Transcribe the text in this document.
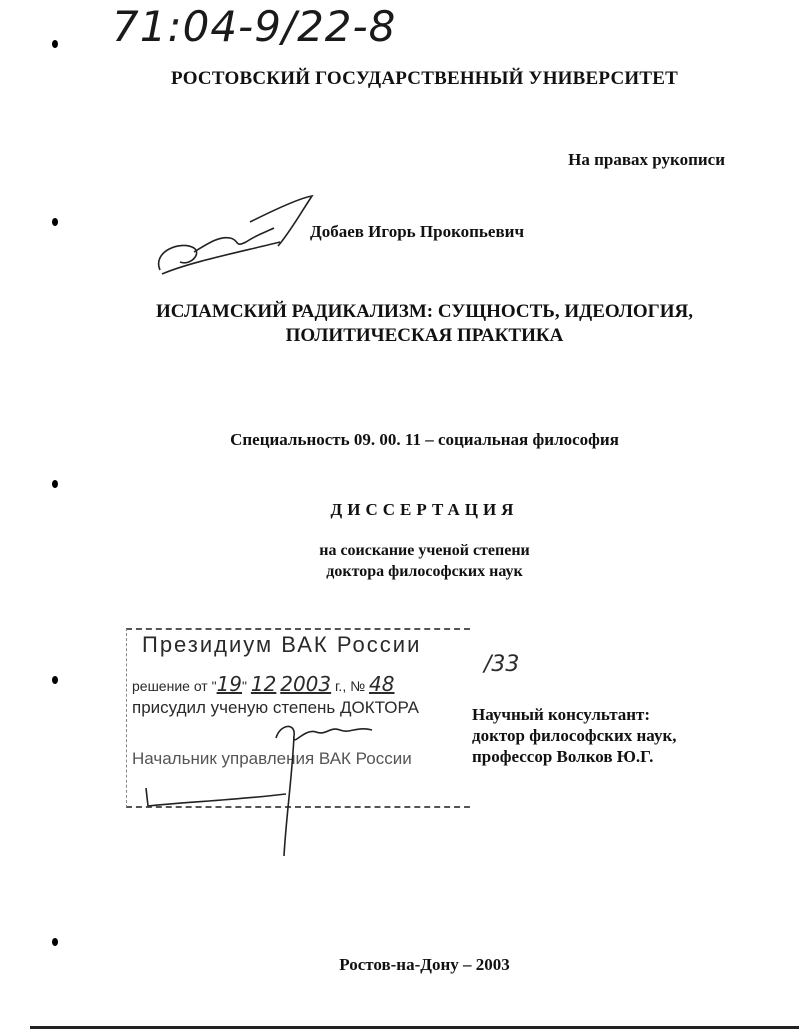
71:04-9/22-8
РОСТОВСКИЙ ГОСУДАРСТВЕННЫЙ УНИВЕРСИТЕТ
На правах рукописи
Добаев Игорь Прокопьевич
ИСЛАМСКИЙ РАДИКАЛИЗМ: СУЩНОСТЬ, ИДЕОЛОГИЯ,
ПОЛИТИЧЕСКАЯ ПРАКТИКА
Специальность 09. 00. 11 – социальная философия
ДИССЕРТАЦИЯ
на соискание ученой степени
доктора философских наук
Президиум ВАК России
решение от "19" 12 2003 г., № 48
присудил ученую степень ДОКТОРА
Начальник управления ВАК России
/33
Научный консультант:
доктор философских наук,
профессор Волков Ю.Г.
Ростов-на-Дону – 2003
